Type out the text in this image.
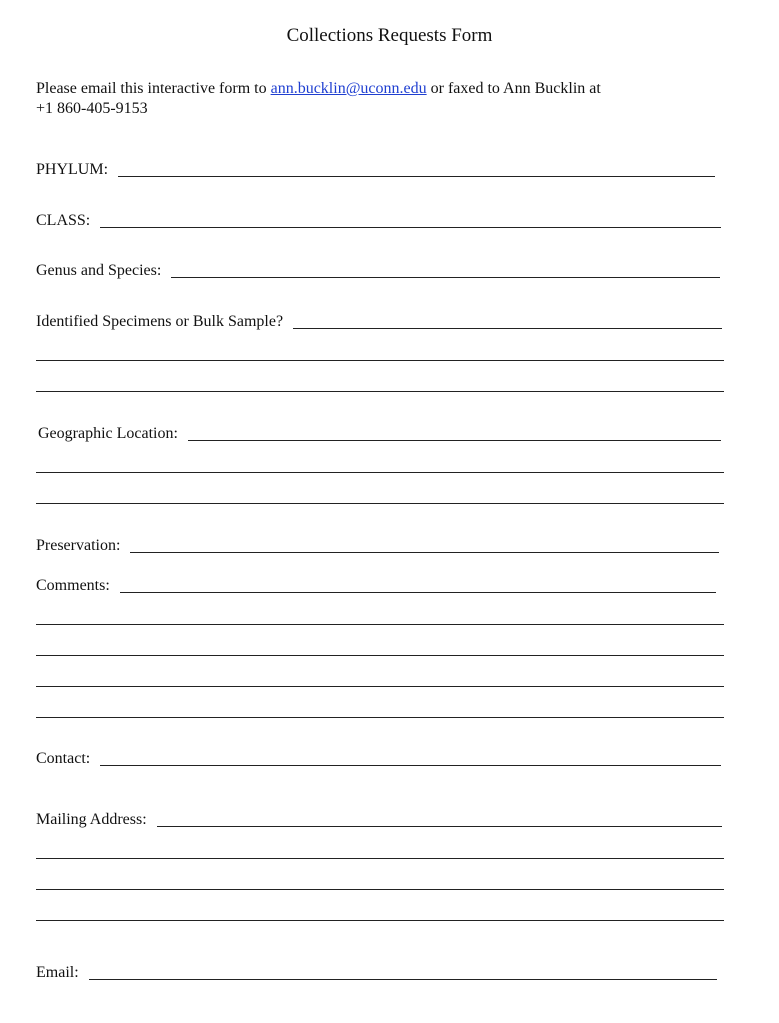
Collections Requests Form
Please email this interactive form to ann.bucklin@uconn.edu or faxed to Ann Bucklin at
+1 860-405-9153
PHYLUM:
CLASS:
Genus and Species:
Identified Specimens or Bulk Sample?
Geographic Location:
Preservation:
Comments:
Contact:
Mailing Address:
Email:
